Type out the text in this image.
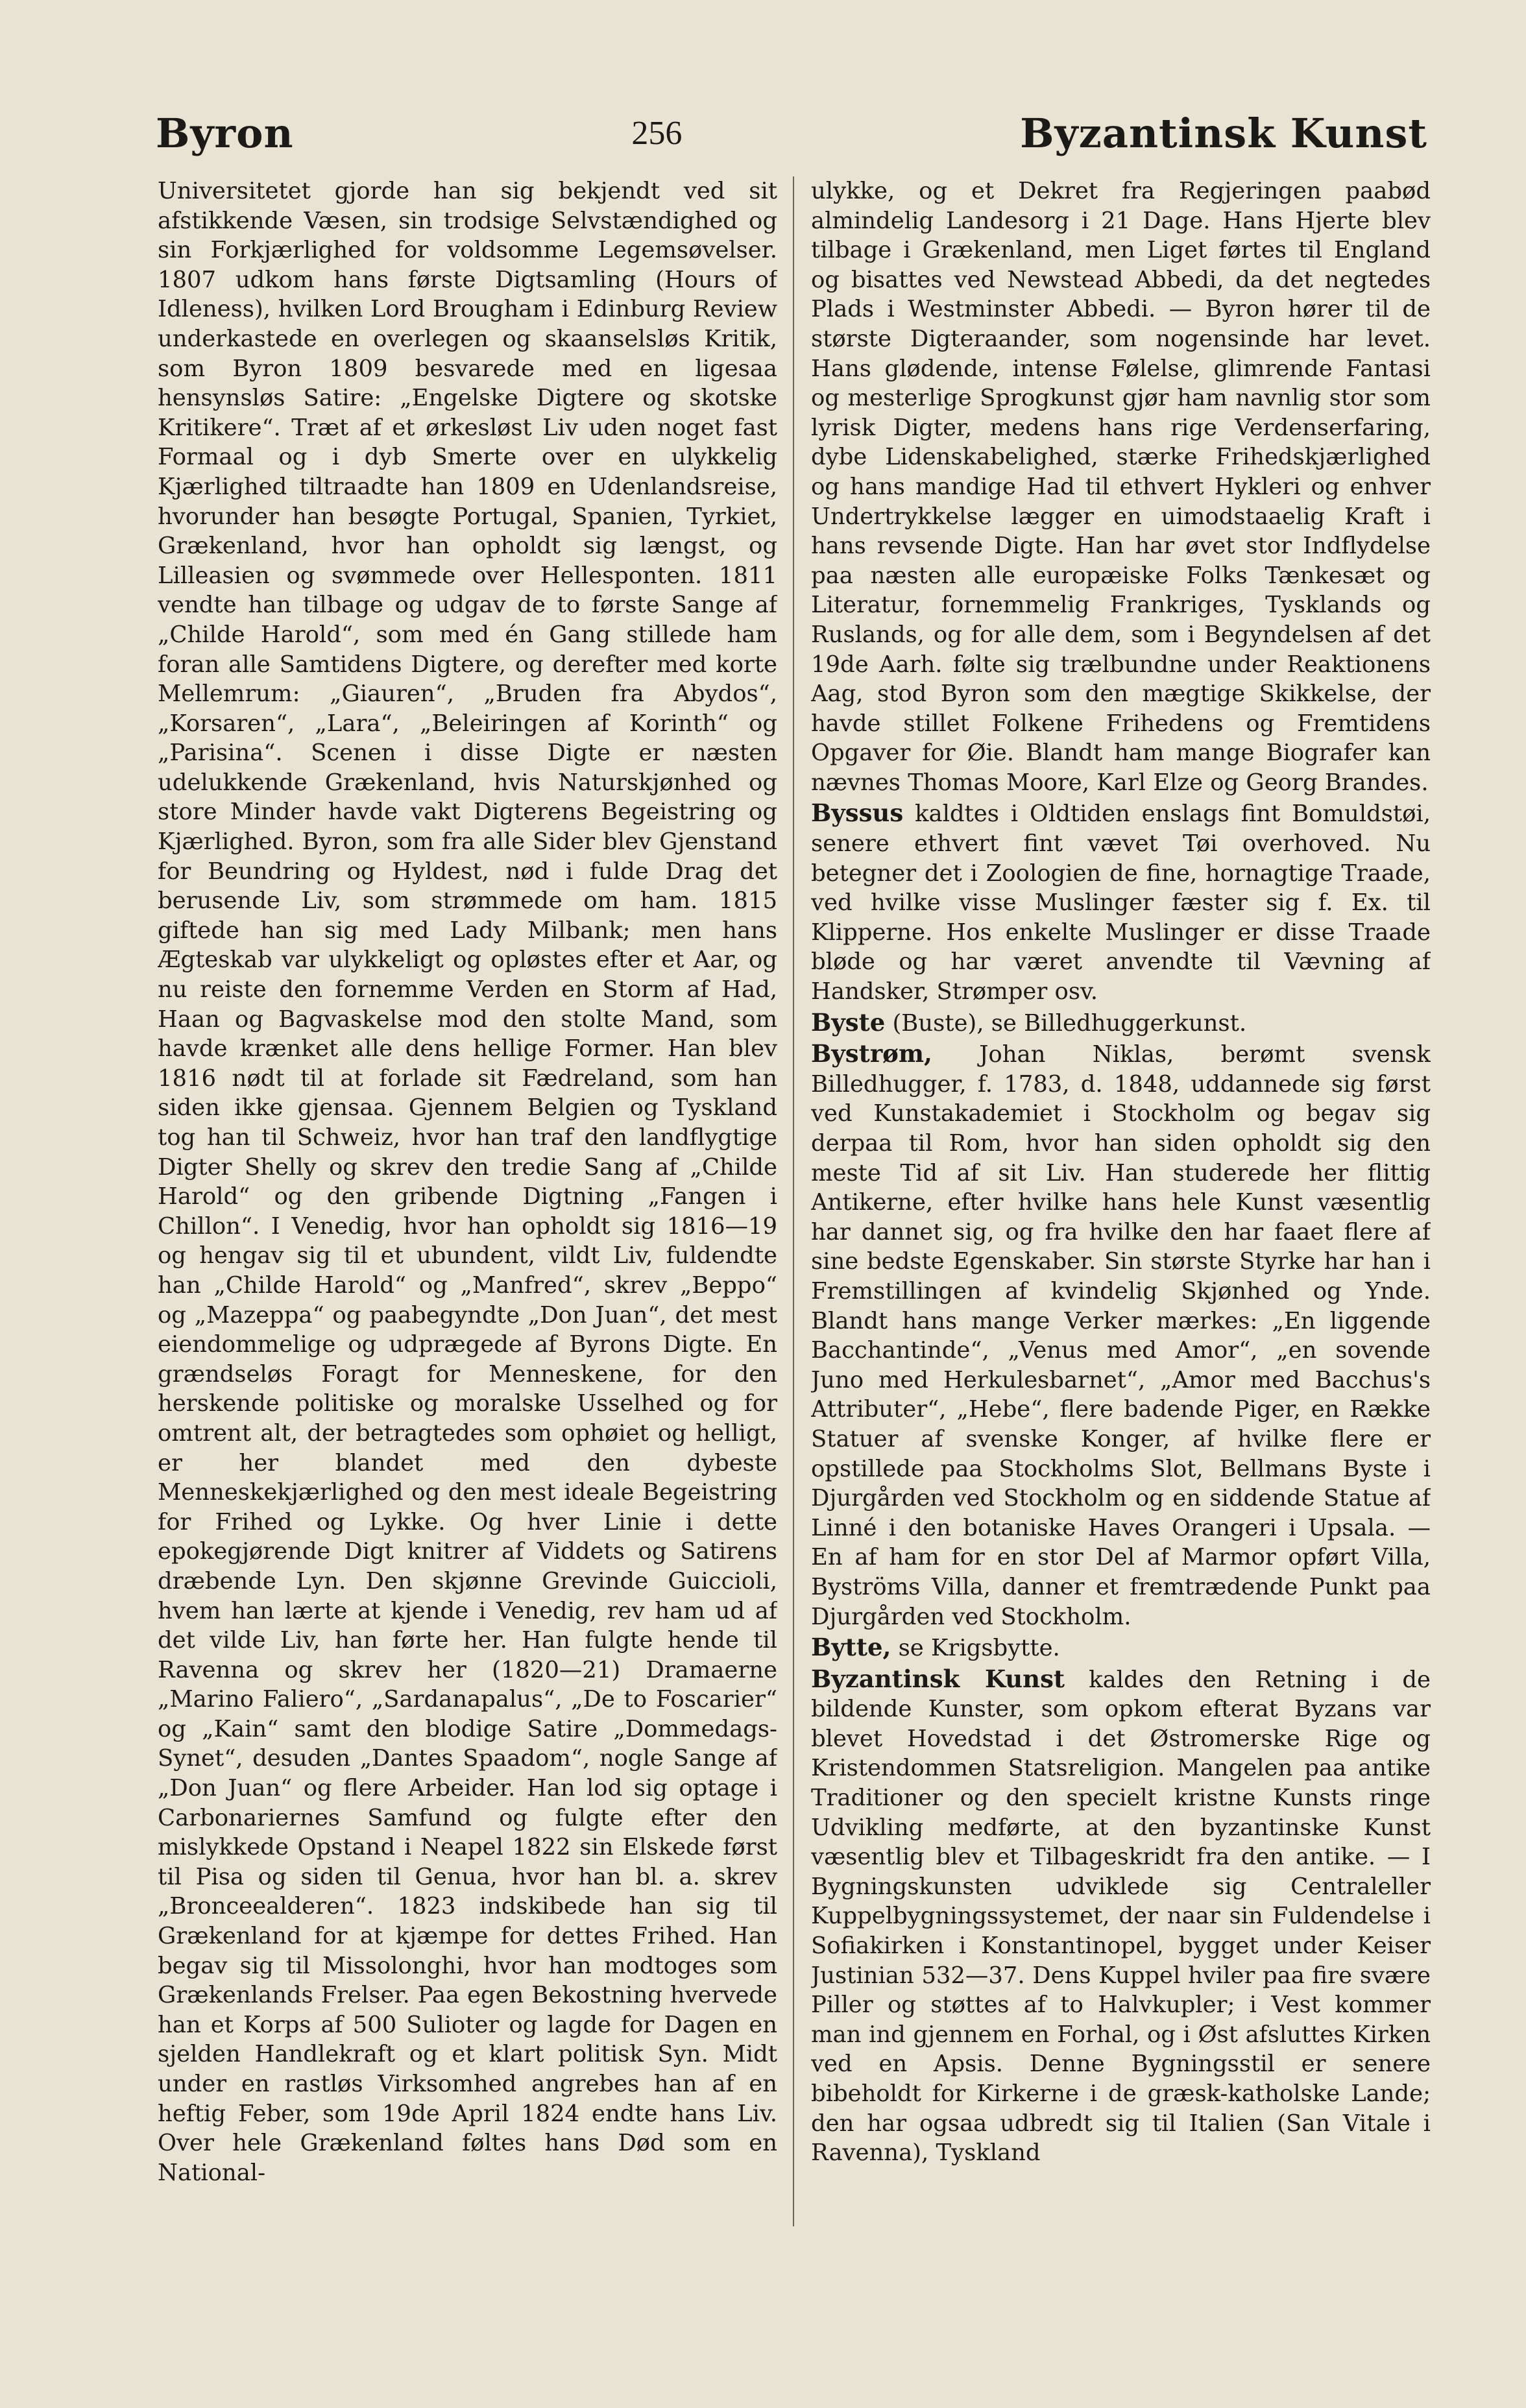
Byron	256	Byzantinsk Kunst

Universitetet gjorde han sig bekjendt ved sit afstikkende Væsen, sin trodsige Selvstændighed og sin Forkjærlighed for voldsomme Legemsøvelser. 1807 udkom hans første Digtsamling (Hours of Idleness), hvilken Lord Brougham i Edinburg Review underkastede en overlegen og skaanselsløs Kritik, som Byron 1809 besvarede med en ligesaa hensynsløs Satire: „Engelske Digtere og skotske Kritikere“. Træt af et ørkesløst Liv uden noget fast Formaal og i dyb Smerte over en ulykkelig Kjærlighed tiltraadte han 1809 en Udenlandsreise, hvorunder han besøgte Portugal, Spanien, Tyrkiet, Grækenland, hvor han opholdt sig længst, og Lilleasien og svømmede over Hellesponten. 1811 vendte han tilbage og udgav de to første Sange af „Childe Harold“, som med én Gang stillede ham foran alle Samtidens Digtere, og derefter med korte Mellemrum: „Giauren“, „Bruden fra Abydos“, „Korsaren“, „Lara“, „Beleiringen af Korinth“ og „Parisina“. Scenen i disse Digte er næsten udelukkende Grækenland, hvis Naturskjønhed og store Minder havde vakt Digterens Begeistring og Kjærlighed. Byron, som fra alle Sider blev Gjenstand for Beundring og Hyldest, nød i fulde Drag det berusende Liv, som strømmede om ham. 1815 giftede han sig med Lady Milbank; men hans Ægteskab var ulykkeligt og opløstes efter et Aar, og nu reiste den fornemme Verden en Storm af Had, Haan og Bagvaskelse mod den stolte Mand, som havde krænket alle dens hellige Former. Han blev 1816 nødt til at forlade sit Fædreland, som han siden ikke gjensaa. Gjennem Belgien og Tyskland tog han til Schweiz, hvor han traf den landflygtige Digter Shelly og skrev den tredie Sang af „Childe Harold“ og den gribende Digtning „Fangen i Chillon“. I Venedig, hvor han opholdt sig 1816—19 og hengav sig til et ubundent, vildt Liv, fuldendte han „Childe Harold“ og „Manfred“, skrev „Beppo“ og „Mazeppa“ og paabegyndte „Don Juan“, det mest eiendommelige og udprægede af Byrons Digte. En grændseløs Foragt for Menneskene, for den herskende politiske og moralske Usselhed og for omtrent alt, der betragtedes som ophøiet og helligt, er her blandet med den dybeste Menneskekjærlighed og den mest ideale Begeistring for Frihed og Lykke. Og hver Linie i dette epokegjørende Digt knitrer af Viddets og Satirens dræbende Lyn. Den skjønne Grevinde Guiccioli, hvem han lærte at kjende i Venedig, rev ham ud af det vilde Liv, han førte her. Han fulgte hende til Ravenna og skrev her (1820—21) Dramaerne „Marino Faliero“, „Sardanapalus“, „De to Foscarier“ og „Kain“ samt den blodige Satire „Dommedags-Synet“, desuden „Dantes Spaadom“, nogle Sange af „Don Juan“ og flere Arbeider. Han lod sig optage i Carbonariernes Samfund og fulgte efter den mislykkede Opstand i Neapel 1822 sin Elskede først til Pisa og siden til Genua, hvor han bl. a. skrev „Bronceealderen“. 1823 indskibede han sig til Grækenland for at kjæmpe for dettes Frihed. Han begav sig til Missolonghi, hvor han modtoges som Grækenlands Frelser. Paa egen Bekostning hvervede han et Korps af 500 Sulioter og lagde for Dagen en sjelden Handlekraft og et klart politisk Syn. Midt under en rastløs Virksomhed angrebes han af en heftig Feber, som 19de April 1824 endte hans Liv. Over hele Grækenland føltes hans Død som en National-

ulykke, og et Dekret fra Regjeringen paabød almindelig Landesorg i 21 Dage. Hans Hjerte blev tilbage i Grækenland, men Liget førtes til England og bisattes ved Newstead Abbedi, da det negtedes Plads i Westminster Abbedi. — Byron hører til de største Digteraander, som nogensinde har levet. Hans glødende, intense Følelse, glimrende Fantasi og mesterlige Sprogkunst gjør ham navnlig stor som lyrisk Digter, medens hans rige Verdenserfaring, dybe Lidenskabelighed, stærke Frihedskjærlighed og hans mandige Had til ethvert Hykleri og enhver Undertrykkelse lægger en uimodstaaelig Kraft i hans revsende Digte. Han har øvet stor Indflydelse paa næsten alle europæiske Folks Tænkesæt og Literatur, fornemmelig Frankriges, Tysklands og Ruslands, og for alle dem, som i Begyndelsen af det 19de Aarh. følte sig trælbundne under Reaktionens Aag, stod Byron som den mægtige Skikkelse, der havde stillet Folkene Frihedens og Fremtidens Opgaver for Øie. Blandt ham mange Biografer kan nævnes Thomas Moore, Karl Elze og Georg Brandes.

Byssus kaldtes i Oldtiden enslags fint Bomuldstøi, senere ethvert fint vævet Tøi overhoved. Nu betegner det i Zoologien de fine, hornagtige Traade, ved hvilke visse Muslinger fæster sig f. Ex. til Klipperne. Hos enkelte Muslinger er disse Traade bløde og har været anvendte til Vævning af Handsker, Strømper osv.

Byste (Buste), se Billedhuggerkunst.

Bystrøm, Johan Niklas, berømt svensk Billedhugger, f. 1783, d. 1848, uddannede sig først ved Kunstakademiet i Stockholm og begav sig derpaa til Rom, hvor han siden opholdt sig den meste Tid af sit Liv. Han studerede her flittig Antikerne, efter hvilke hans hele Kunst væsentlig har dannet sig, og fra hvilke den har faaet flere af sine bedste Egenskaber. Sin største Styrke har han i Fremstillingen af kvindelig Skjønhed og Ynde. Blandt hans mange Verker mærkes: „En liggende Bacchantinde“, „Venus med Amor“, „en sovende Juno med Herkulesbarnet“, „Amor med Bacchus's Attributer“, „Hebe“, flere badende Piger, en Række Statuer af svenske Konger, af hvilke flere er opstillede paa Stockholms Slot, Bellmans Byste i Djurgården ved Stockholm og en siddende Statue af Linné i den botaniske Haves Orangeri i Upsala. — En af ham for en stor Del af Marmor opført Villa, Byströms Villa, danner et fremtrædende Punkt paa Djurgården ved Stockholm.

Bytte, se Krigsbytte.

Byzantinsk Kunst kaldes den Retning i de bildende Kunster, som opkom efterat Byzans var blevet Hovedstad i det Østromerske Rige og Kristendommen Statsreligion. Mangelen paa antike Traditioner og den specielt kristne Kunsts ringe Udvikling medførte, at den byzantinske Kunst væsentlig blev et Tilbageskridt fra den antike. — I Bygningskunsten udviklede sig Centraleller Kuppelbygningssystemet, der naar sin Fuldendelse i Sofiakirken i Konstantinopel, bygget under Keiser Justinian 532—37. Dens Kuppel hviler paa fire svære Piller og støttes af to Halvkupler; i Vest kommer man ind gjennem en Forhal, og i Øst afsluttes Kirken ved en Apsis. Denne Bygningsstil er senere bibeholdt for Kirkerne i de græsk-katholske Lande; den har ogsaa udbredt sig til Italien (San Vitale i Ravenna), Tyskland
